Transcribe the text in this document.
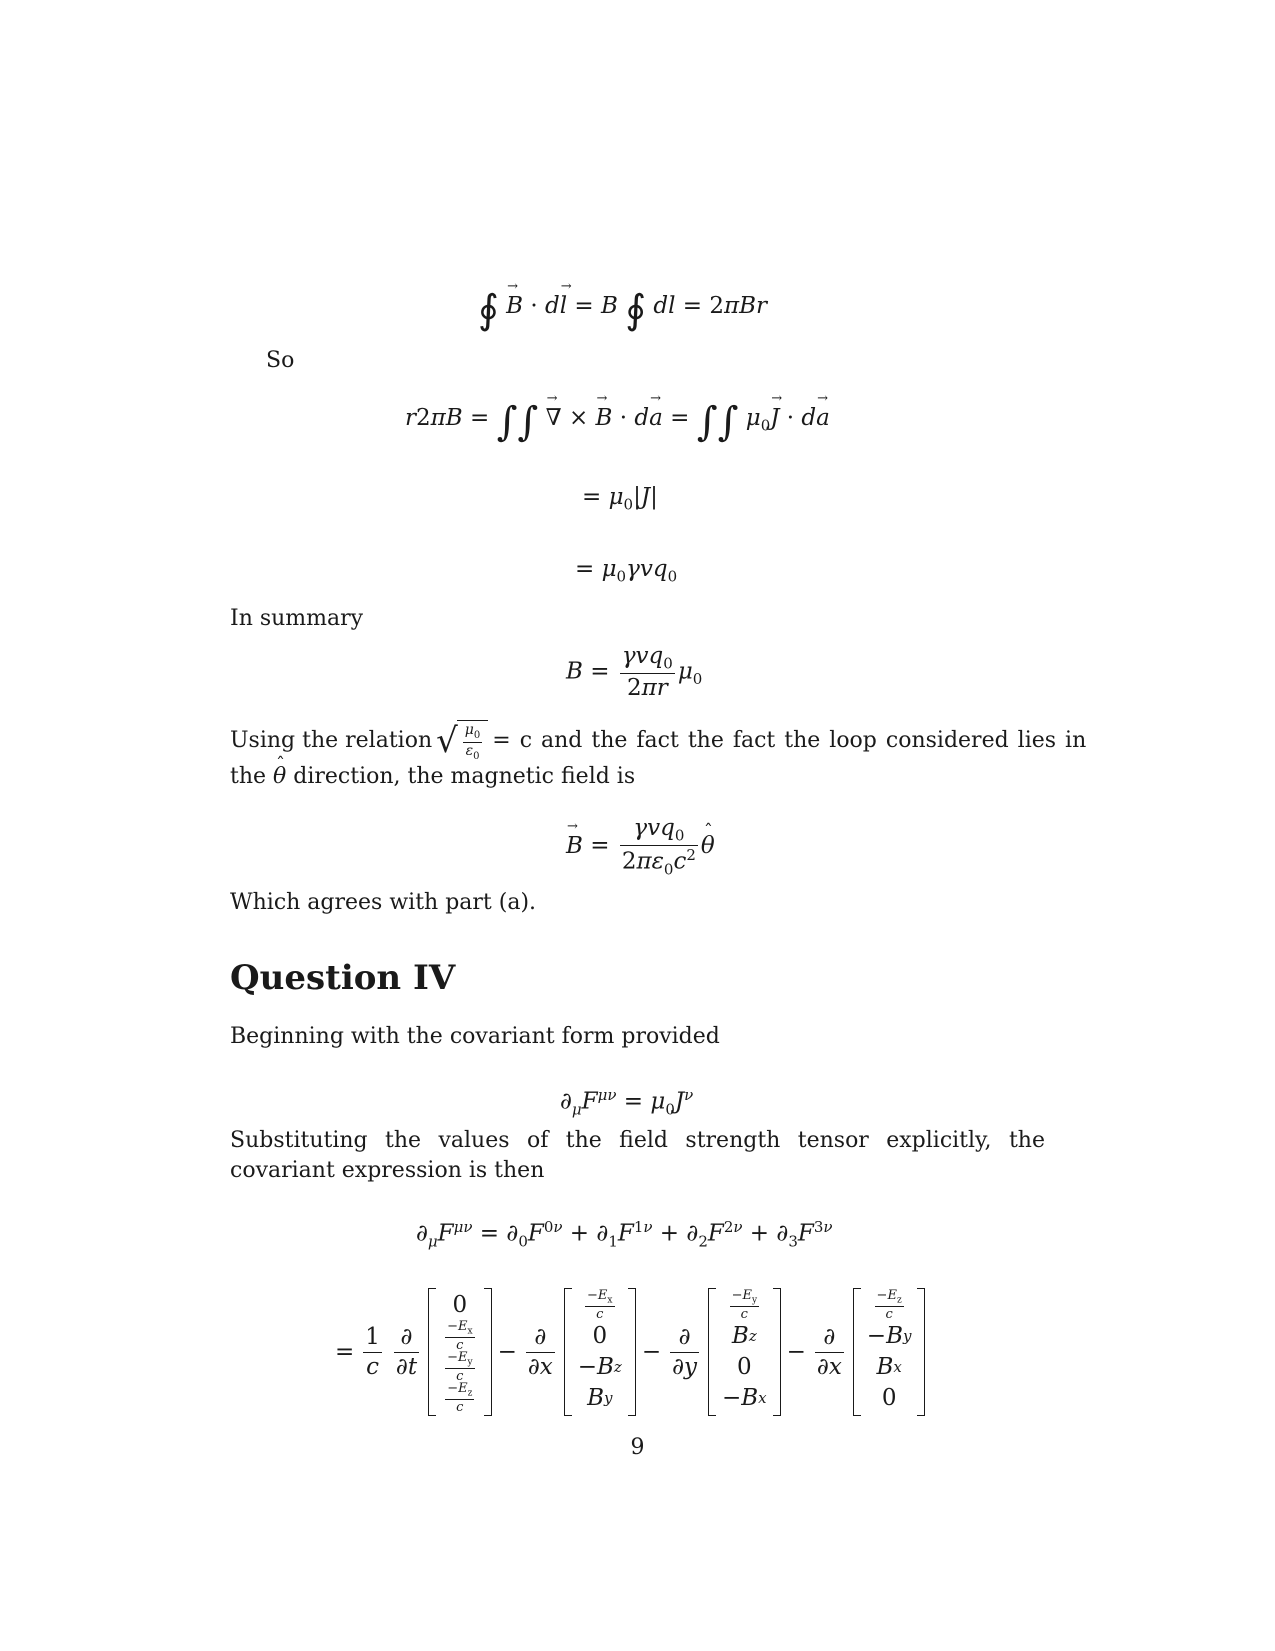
∮ B → · dl → = B ∮ dl = 2πBr
So
r2πB = ∫∫ ∇ → × B → · da → = ∫∫ $\mu_0J$ → · da →
= $\mu_0|J|$
= $\mu_0\gamma vq_0$
In summary
$B = \frac{\gamma vq_0}{2\pi r} \mu_0$
Using the relation √ $\frac{\mu_0}{\varepsilon_0} = c$ and the fact the fact the loop considered lies in
the θ ˆ direction, the magnetic field is
B → = $\frac{\gamma vq_0}{2\pi\varepsilon_0c^2}$ θ ˆ
Which agrees with part (a).
Question IV
Beginning with the covariant form provided
$\partial_\mu F^{\mu\nu} = \mu_0J^\nu$
Substituting the values of the field strength tensor explicitly, the covariant expression is then
$\partial_\mu F^{\mu\nu} = \partial_0F^{0\nu} + \partial_1F^{1\nu} + \partial_2F^{2\nu} + \partial_3F^{3\nu}$
= $\frac{1}{c} \frac{\partial}{\partial t}$
0
$\frac{-E_x}{c}$
$\frac{-E_y}{c}$
$\frac{-E_z}{c}$
− $\frac{\partial}{\partial x}$
$\frac{-E_x}{c}$
0
− B z
B y
− $\frac{\partial}{\partial y}$
$\frac{-E_y}{c}$
B z
0
− B x
− $\frac{\partial}{\partial x}$
$\frac{-E_z}{c}$
− B y
B x
0
9
